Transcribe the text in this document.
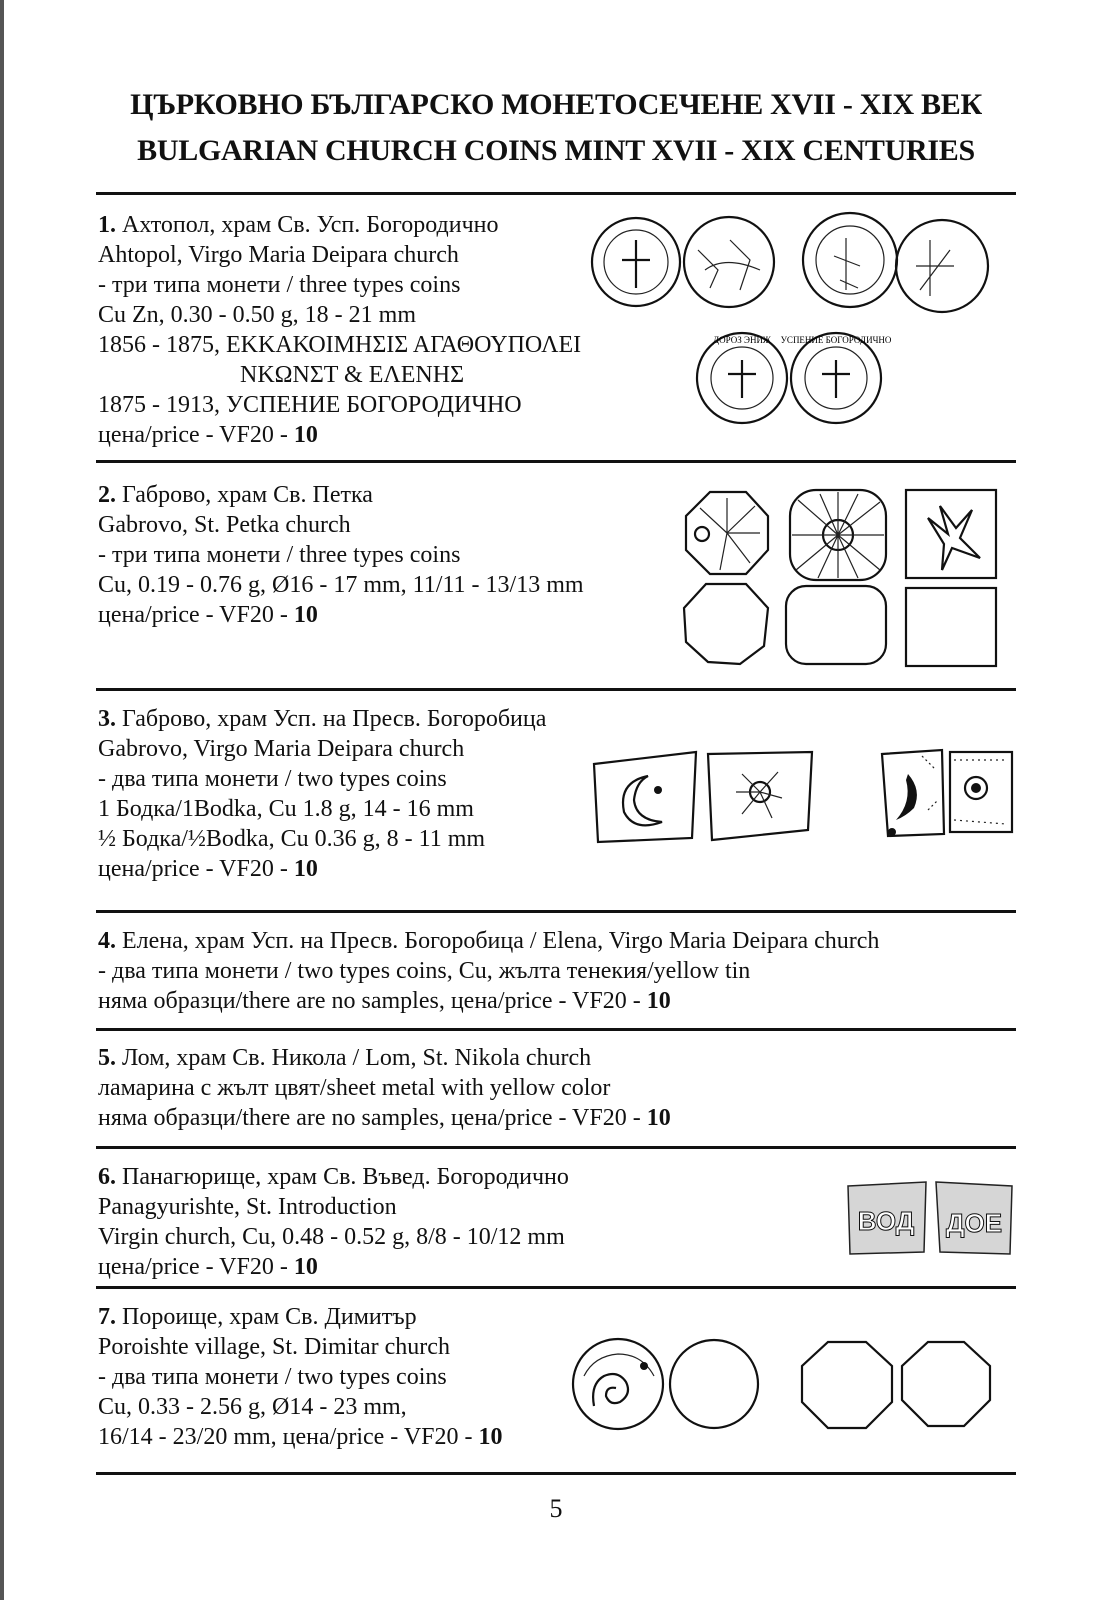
ЦЪРКОВНО БЪЛГАРСКО МОНЕТОСЕЧЕНЕ XVII - XIX ВЕК
BULGARIAN CHURCH COINS MINT XVII - XIX CENTURIES
1. Ахтопол, храм Св. Усп. Богородично
Ahtopol, Virgo Maria Deipara church
- три типа монети / three types coins
Cu Zn, 0.30 - 0.50 g, 18 - 21 mm
1856 - 1875, ΕΚΚΑΚΟΙΜΗΣΙΣ ΑΓΑΘΟΥΠΟΛΕΙ
ΝΚΩΝΣΤ & ΕΛΕΝΗΣ
1875 - 1913, УСПЕНИЕ БОГОРОДИЧНО
цена/price - VF20 - 10
ДОРОЗ ЭНИЖ УСПЕНИЕ БОГОРОДИЧНО
2. Габрово, храм Св. Петка
Gabrovo, St. Petka church
- три типа монети / three types coins
Cu, 0.19 - 0.76 g, Ø16 - 17 mm, 11/11 - 13/13 mm
цена/price - VF20 - 10
3. Габрово, храм Усп. на Пресв. Богоробица
Gabrovo, Virgo Maria Deipara church
- два типа монети / two types coins
1 Бодка/1Bodka, Cu 1.8 g, 14 - 16 mm
½ Бодка/½Bodka, Cu 0.36 g, 8 - 11 mm
цена/price - VF20 - 10
4. Елена, храм Усп. на Пресв. Богоробица / Elena, Virgo Maria Deipara church
- два типа монети / two types coins, Cu, жълта тенекия/yellow tin
няма образци/there are no samples, цена/price - VF20 - 10
5. Лом, храм Св. Никола / Lom, St. Nikola church
ламарина с жълт цвят/sheet metal with yellow color
няма образци/there are no samples, цена/price - VF20 - 10
6. Панагюрище, храм Св. Въвед. Богородично
Panagyurishte, St. Introduction
Virgin church, Cu, 0.48 - 0.52 g, 8/8 - 10/12 mm
цена/price - VF20 - 10
ВОД ДОЕ
7. Пороище, храм Св. Димитър
Poroishte village, St. Dimitar church
- два типа монети / two types coins
Cu, 0.33 - 2.56 g, Ø14 - 23 mm,
16/14 - 23/20 mm, цена/price - VF20 - 10
5
